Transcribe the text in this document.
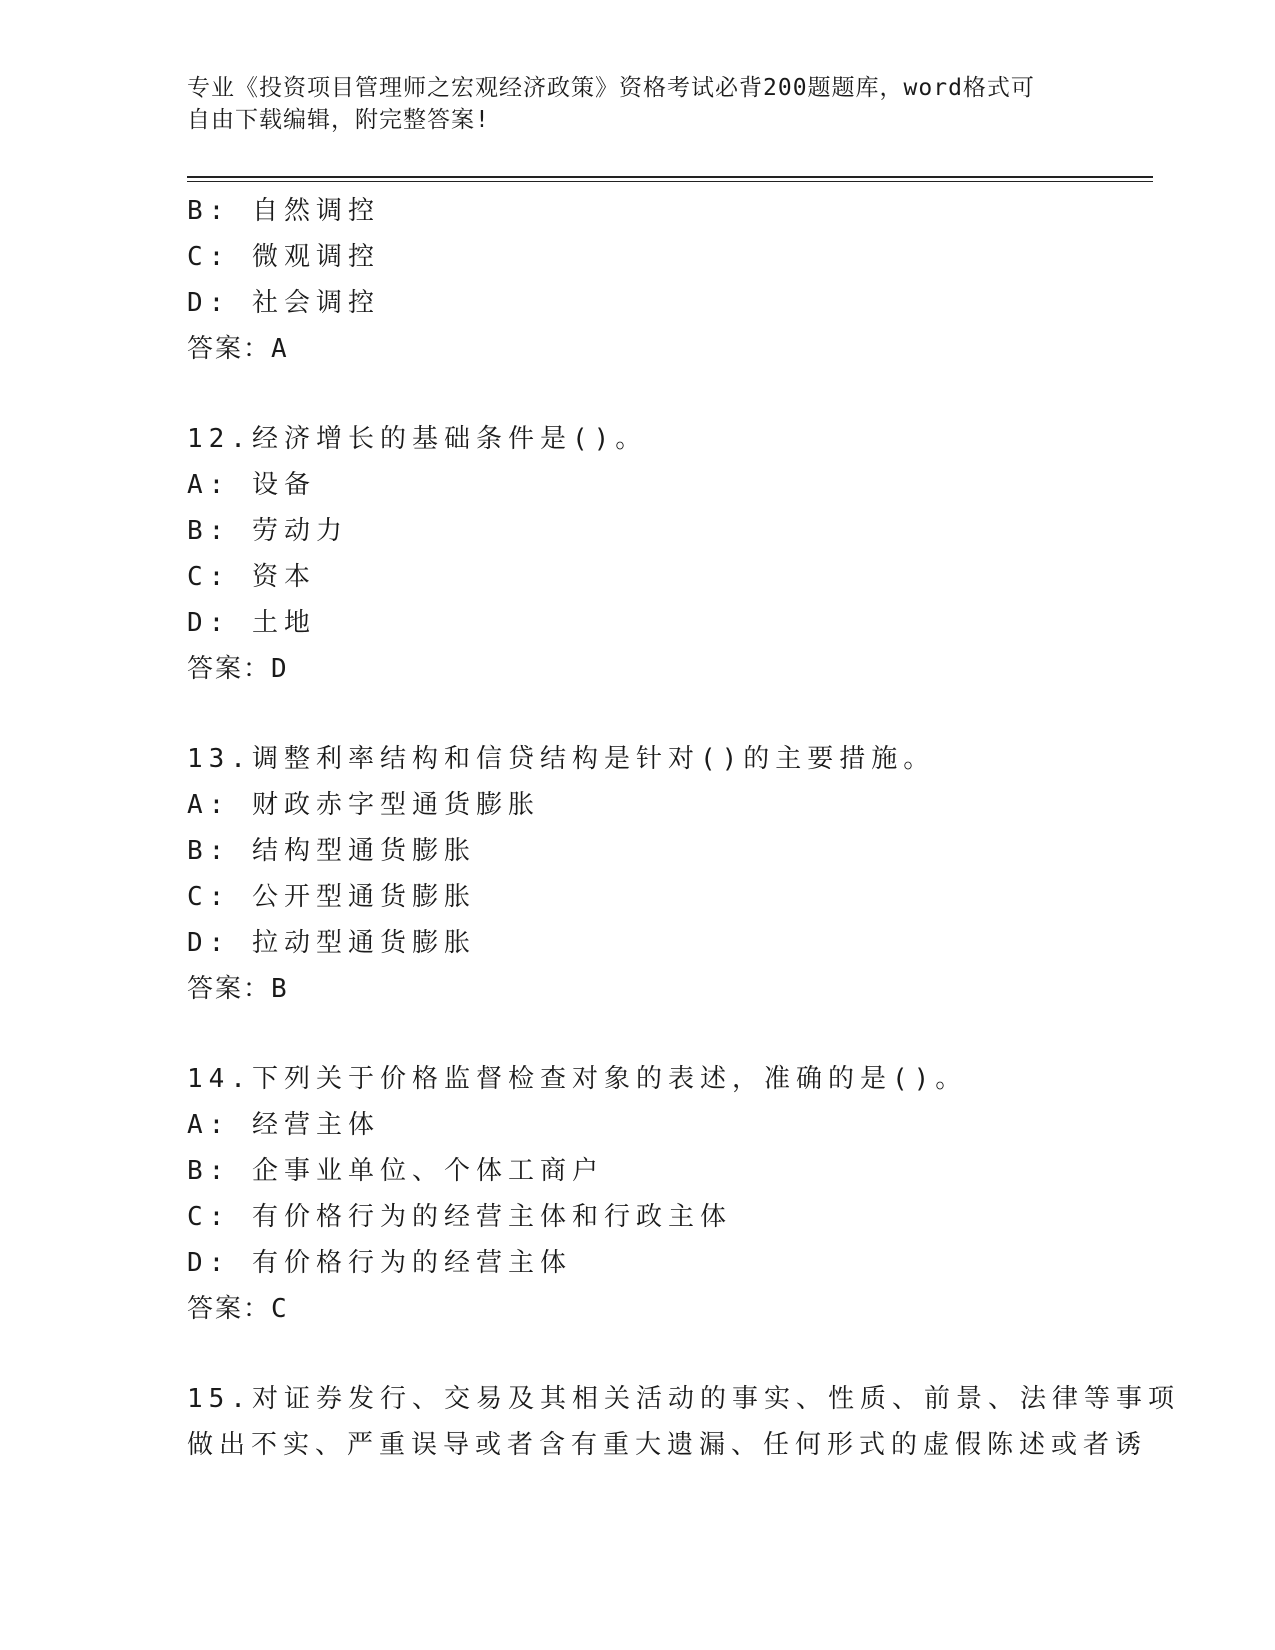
专业《投资项目管理师之宏观经济政策》资格考试必背200题题库，word格式可
自由下载编辑，附完整答案!
B: 自然调控
C: 微观调控
D: 社会调控
答案：A
12.经济增长的基础条件是()。
A: 设备
B: 劳动力
C: 资本
D: 土地
答案：D
13.调整利率结构和信贷结构是针对()的主要措施。
A: 财政赤字型通货膨胀
B: 结构型通货膨胀
C: 公开型通货膨胀
D: 拉动型通货膨胀
答案：B
14.下列关于价格监督检查对象的表述，准确的是()。
A: 经营主体
B: 企事业单位、个体工商户
C: 有价格行为的经营主体和行政主体
D: 有价格行为的经营主体
答案：C
15.对证券发行、交易及其相关活动的事实、性质、前景、法律等事项
做出不实、严重误导或者含有重大遗漏、任何形式的虚假陈述或者诱
